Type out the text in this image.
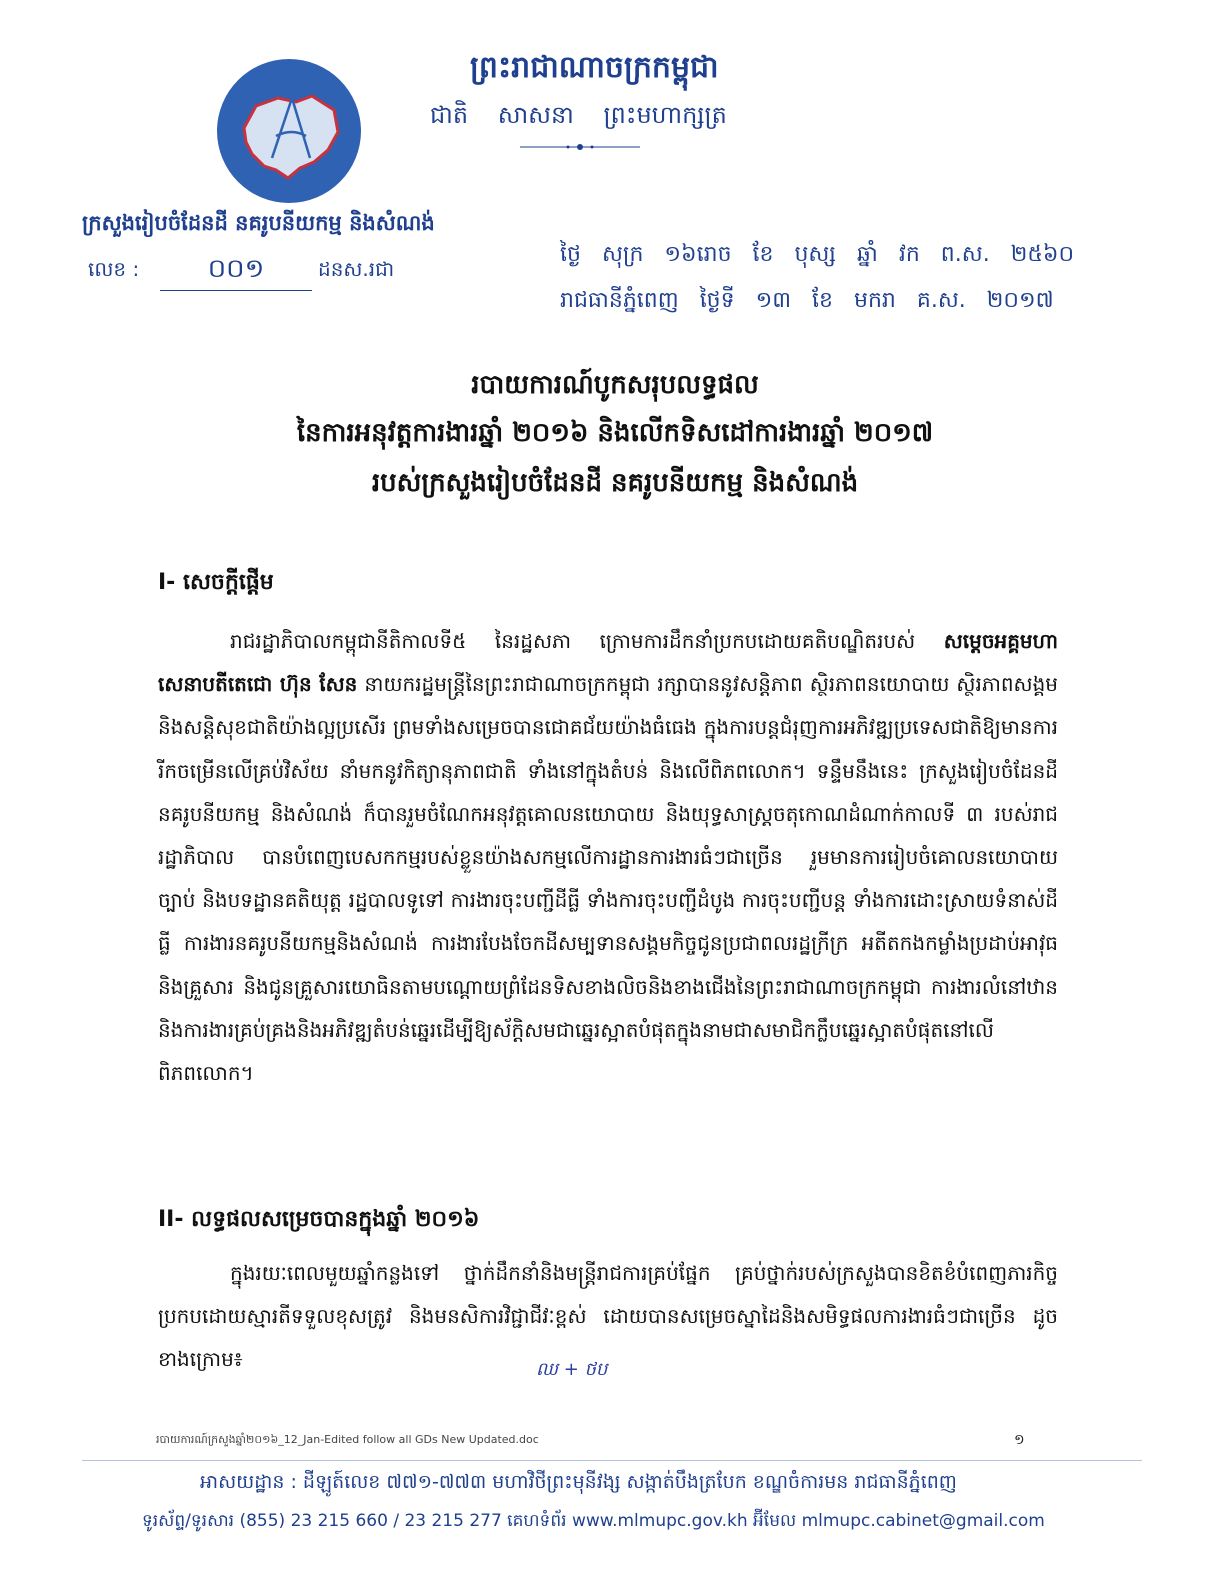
ព្រះរាជាណាចក្រកម្ពុជា
ជាតិ សាសនា ព្រះមហាក្សត្រ
ក្រសួងរៀបចំដែនដី នគរូបនីយកម្ម និងសំណង់
លេខ :	០០១	ដនស.រជា
ថ្ងៃ សុក្រ ១៦រោច ខែ បុស្ស ឆ្នាំ វក ព.ស. ២៥៦០
រាជធានីភ្នំពេញ ថ្ងៃទី ១៣ ខែ មករា គ.ស. ២០១៧
របាយការណ៍បូកសរុបលទ្ធផល
នៃការអនុវត្តការងារឆ្នាំ ២០១៦ និងលើកទិសដៅការងារឆ្នាំ ២០១៧
របស់ក្រសួងរៀបចំដែនដី នគរូបនីយកម្ម និងសំណង់
I- សេចក្តីផ្តើម

រាជរដ្ឋាភិបាលកម្ពុជានីតិកាលទី៥ នៃរដ្ឋសភា ក្រោមការដឹកនាំប្រកបដោយគតិបណ្ឌិតរបស់ សម្តេចអគ្គមហាសេនាបតីតេជោ ហ៊ុន សែន នាយករដ្ឋមន្ត្រីនៃព្រះរាជាណាចក្រកម្ពុជា រក្សាបាននូវសន្តិភាព ស្ថិរភាពនយោបាយ ស្ថិរភាពសង្គម និងសន្តិសុខជាតិយ៉ាងល្អប្រសើរ ព្រមទាំងសម្រេចបានជោគជ័យយ៉ាងធំធេង ក្នុងការបន្តជំរុញការអភិវឌ្ឍប្រទេសជាតិឱ្យមានការរីកចម្រើនលើគ្រប់វិស័យ នាំមកនូវកិត្យានុភាពជាតិ ទាំងនៅក្នុងតំបន់ និងលើពិភពលោក។ ទន្ទឹមនឹងនេះ ក្រសួងរៀបចំដែនដី នគរូបនីយកម្ម និងសំណង់ ក៏បានរួមចំណែកអនុវត្តគោលនយោបាយ និងយុទ្ធសាស្ត្រចតុកោណដំណាក់កាលទី ៣ របស់រាជរដ្ឋាភិបាល បានបំពេញបេសកកម្មរបស់ខ្លួនយ៉ាងសកម្មលើការដ្ឋានការងារធំៗជាច្រើន រួមមានការរៀបចំគោលនយោបាយ ច្បាប់ និងបទដ្ឋានគតិយុត្ត រដ្ឋបាលទូទៅ ការងារចុះបញ្ជីដីធ្លី ទាំងការចុះបញ្ជីដំបូង ការចុះបញ្ជីបន្ត ទាំងការដោះស្រាយទំនាស់ដីធ្លី ការងារនគរូបនីយកម្មនិងសំណង់ ការងារបែងចែកដីសម្បទានសង្គមកិច្ចជូនប្រជាពលរដ្ឋក្រីក្រ អតីតកងកម្លាំងប្រដាប់អាវុធនិងគ្រួសារ និងជូនគ្រួសារយោធិនតាមបណ្តោយព្រំដែនទិសខាងលិចនិងខាងជើងនៃព្រះរាជាណាចក្រកម្ពុជា ការងារលំនៅឋាន និងការងារគ្រប់គ្រងនិងអភិវឌ្ឍតំបន់ឆ្នេរដើម្បីឱ្យស័ក្តិសមជាឆ្នេរស្អាតបំផុតក្នុងនាមជាសមាជិកក្លឹបឆ្នេរស្អាតបំផុតនៅលើពិភពលោក។

II- លទ្ធផលសម្រេចបានក្នុងឆ្នាំ ២០១៦

ក្នុងរយៈពេលមួយឆ្នាំកន្លងទៅ ថ្នាក់ដឹកនាំនិងមន្ត្រីរាជការគ្រប់ផ្នែក គ្រប់ថ្នាក់របស់ក្រសួងបានខិតខំបំពេញភារកិច្ចប្រកបដោយស្មារតីទទួលខុសត្រូវ និងមនសិការវិជ្ជាជីវៈខ្ពស់ ដោយបានសម្រេចស្នាដៃនិងសមិទ្ធផលការងារធំៗជាច្រើន ដូចខាងក្រោម៖	ឈ + ថប
របាយការណ៍ក្រសួងឆ្នាំ២០១៦_12_Jan-Edited follow all GDs New Updated.doc	១
អាសយដ្ឋាន : ដីឡូត៍លេខ ៧៧១-៧៧៣ មហាវិថីព្រះមុនីវង្ស សង្កាត់បឹងត្របែក ខណ្ឌចំការមន រាជធានីភ្នំពេញ
ទូរស័ព្ទ/ទូរសារ (855) 23 215 660 / 23 215 277 គេហទំព័រ www.mlmupc.gov.kh អ៊ីមែល mlmupc.cabinet@gmail.com
